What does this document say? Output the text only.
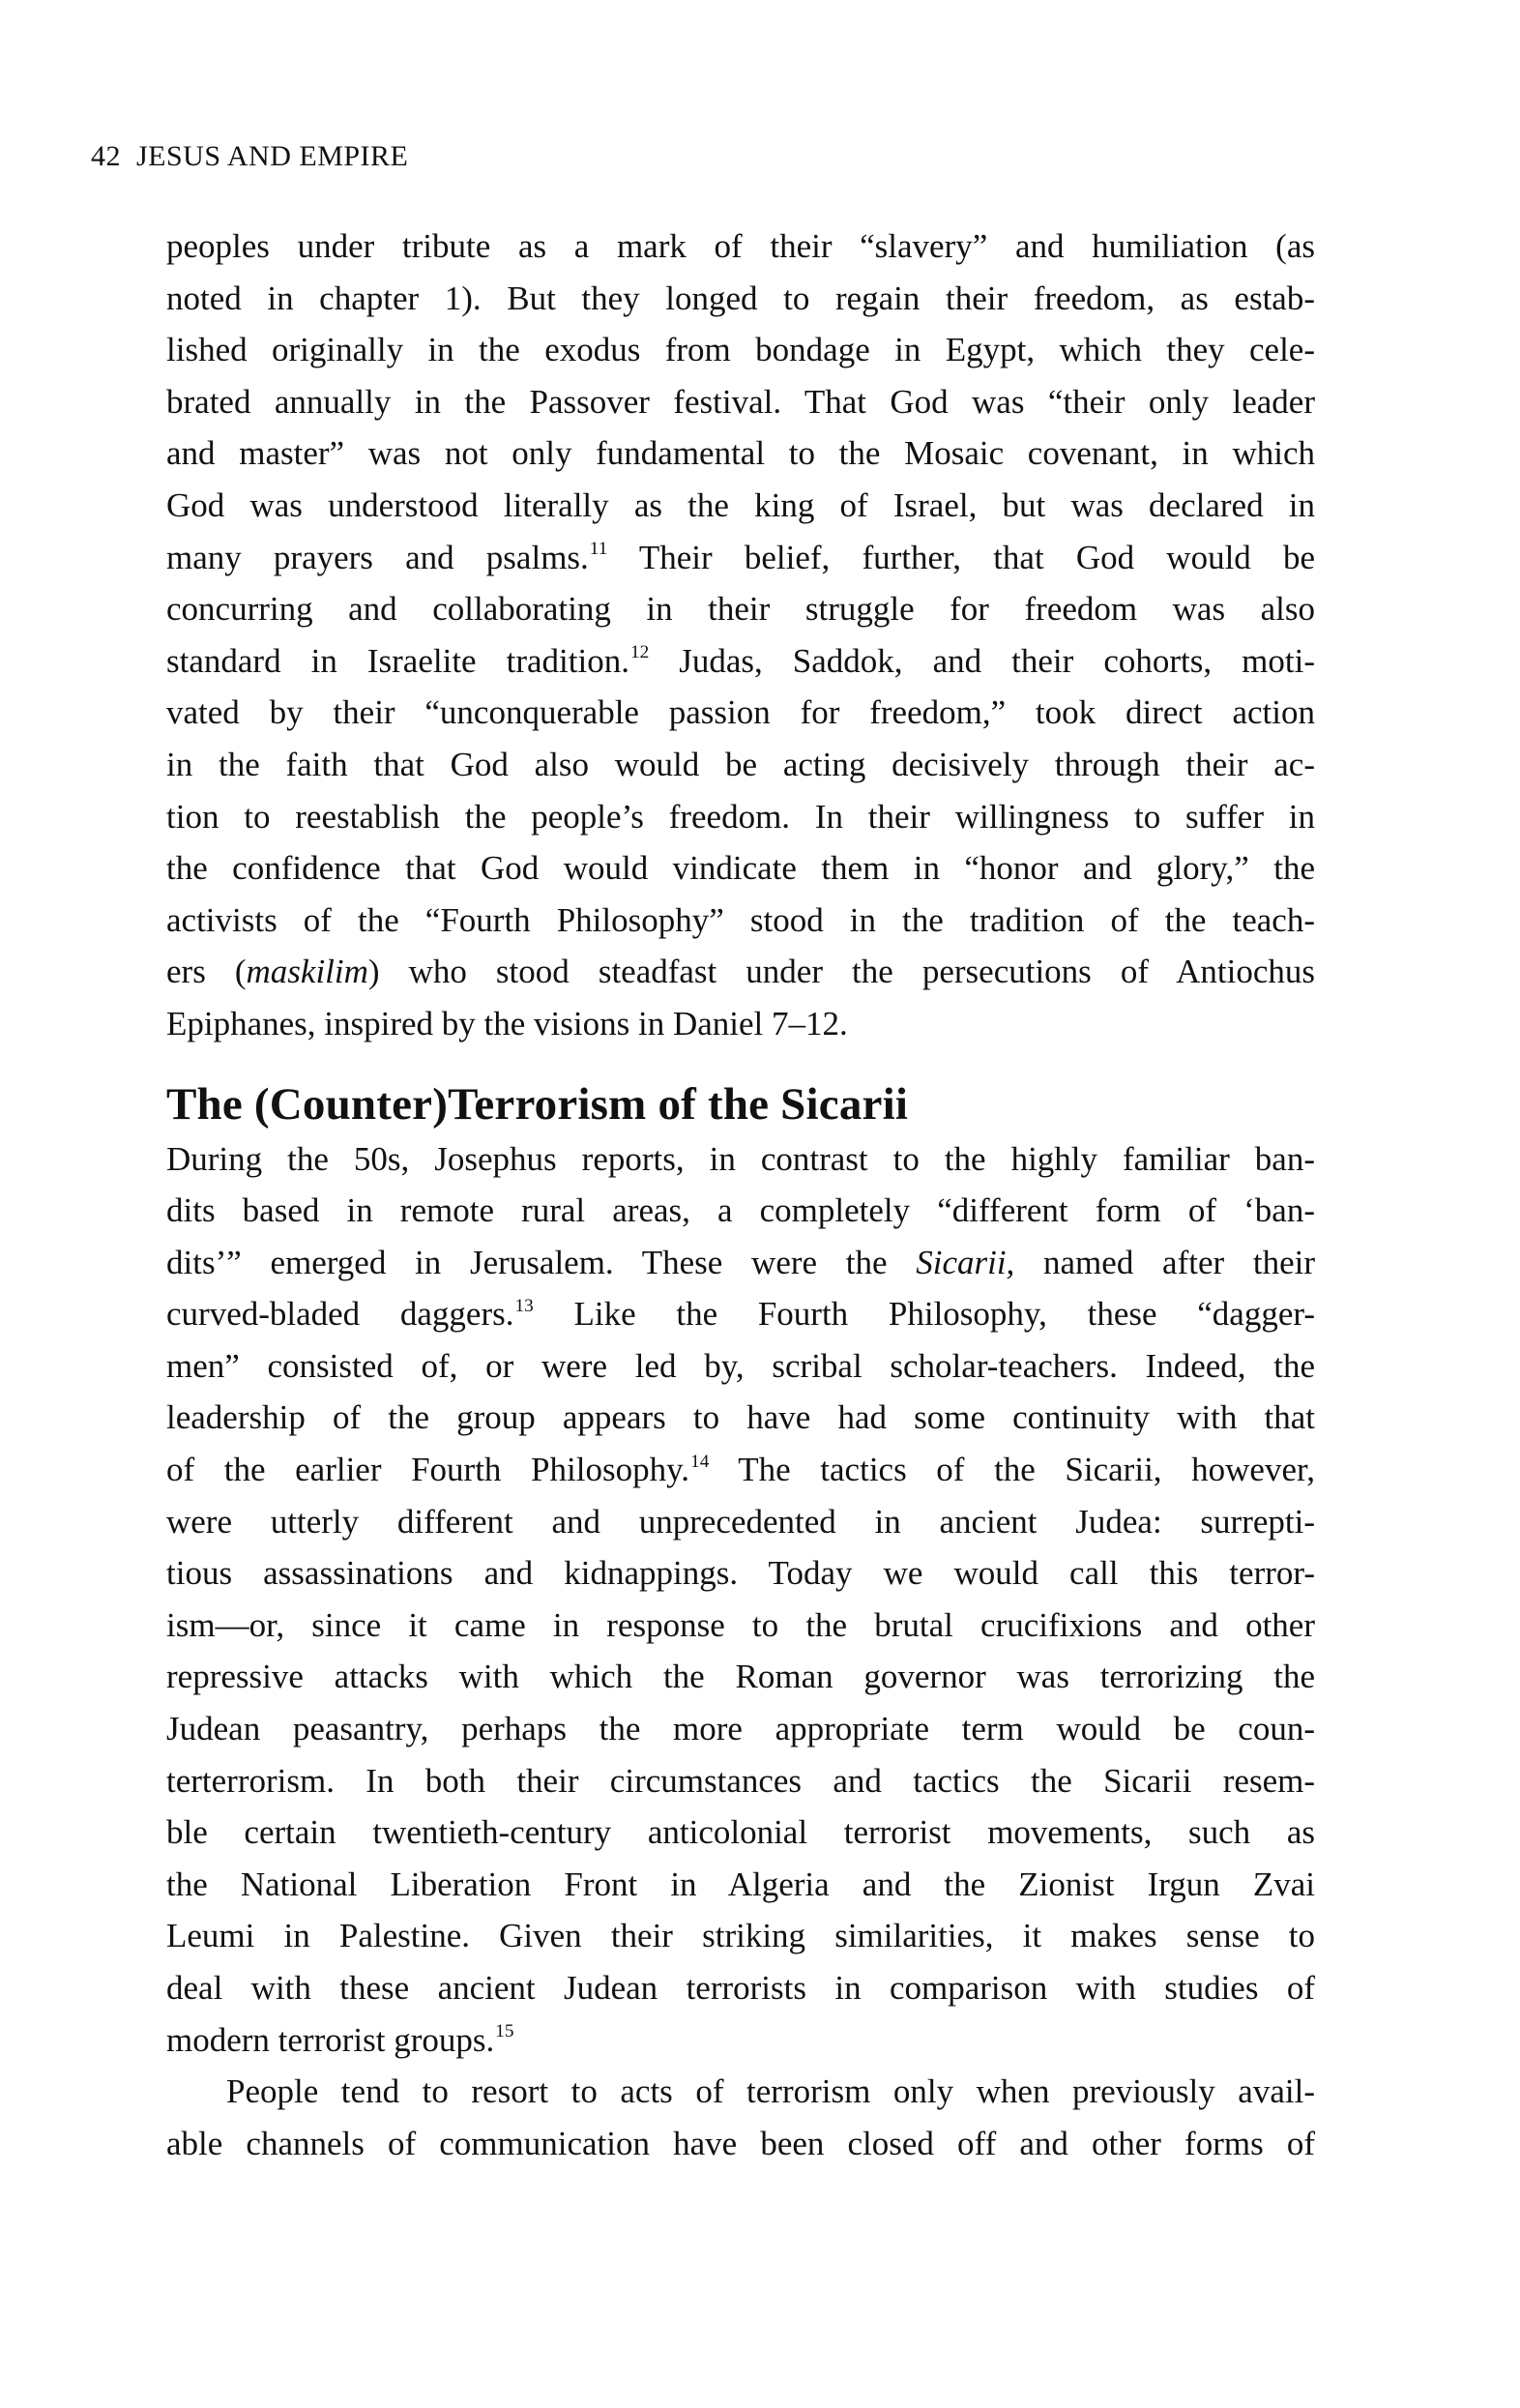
42 JESUS AND EMPIRE
peoples under tribute as a mark of their “slavery” and humiliation (as
noted in chapter 1). But they longed to regain their freedom, as estab-
lished originally in the exodus from bondage in Egypt, which they cele-
brated annually in the Passover festival. That God was “their only leader
and master” was not only fundamental to the Mosaic covenant, in which
God was understood literally as the king of Israel, but was declared in
many prayers and psalms.$^{11}$ Their belief, further, that God would be
concurring and collaborating in their struggle for freedom was also
standard in Israelite tradition.$^{12}$ Judas, Saddok, and their cohorts, moti-
vated by their “unconquerable passion for freedom,” took direct action
in the faith that God also would be acting decisively through their ac-
tion to reestablish the people’s freedom. In their willingness to suffer in
the confidence that God would vindicate them in “honor and glory,” the
activists of the “Fourth Philosophy” stood in the tradition of the teach-
ers (maskilim) who stood steadfast under the persecutions of Antiochus
Epiphanes, inspired by the visions in Daniel 7–12.
The (Counter)Terrorism of the Sicarii
During the 50s, Josephus reports, in contrast to the highly familiar ban-
dits based in remote rural areas, a completely “different form of ‘ban-
dits’” emerged in Jerusalem. These were the Sicarii, named after their
curved-bladed daggers.$^{13}$ Like the Fourth Philosophy, these “dagger-
men” consisted of, or were led by, scribal scholar-teachers. Indeed, the
leadership of the group appears to have had some continuity with that
of the earlier Fourth Philosophy.$^{14}$ The tactics of the Sicarii, however,
were utterly different and unprecedented in ancient Judea: surrepti-
tious assassinations and kidnappings. Today we would call this terror-
ism—or, since it came in response to the brutal crucifixions and other
repressive attacks with which the Roman governor was terrorizing the
Judean peasantry, perhaps the more appropriate term would be coun-
terterrorism. In both their circumstances and tactics the Sicarii resem-
ble certain twentieth-century anticolonial terrorist movements, such as
the National Liberation Front in Algeria and the Zionist Irgun Zvai
Leumi in Palestine. Given their striking similarities, it makes sense to
deal with these ancient Judean terrorists in comparison with studies of
modern terrorist groups.$^{15}$
People tend to resort to acts of terrorism only when previously avail-
able channels of communication have been closed off and other forms of
